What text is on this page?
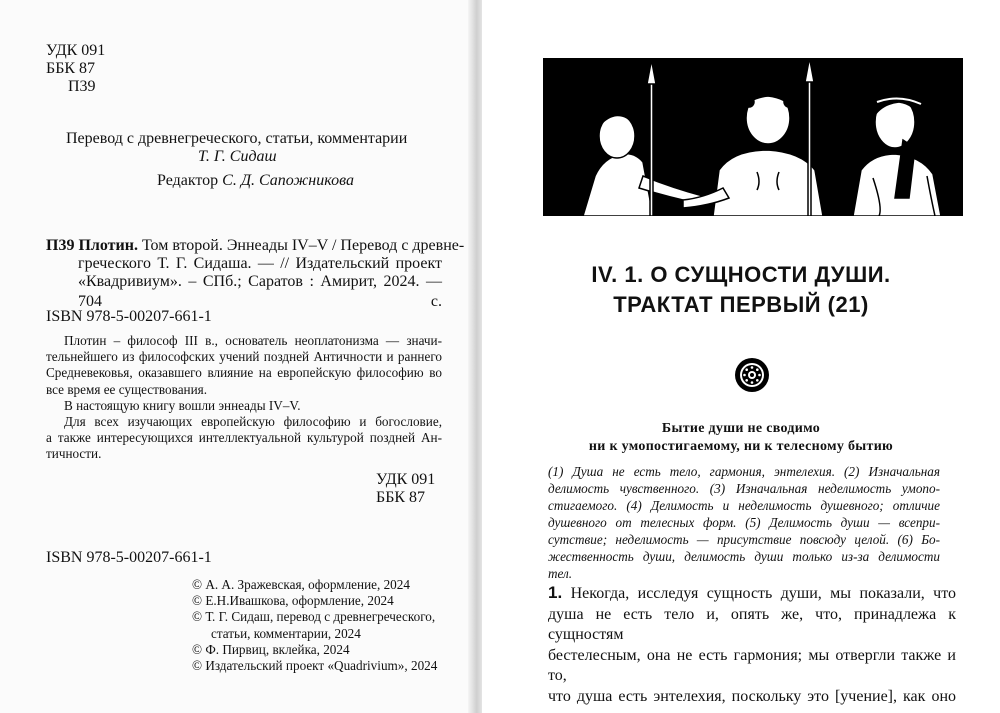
УДК 091
ББК 87
П39
Перевод с древнегреческого, статьи, комментарии
Т. Г. Сидаш
Редактор С. Д. Сапожникова
П39 Плотин. Том второй. Эннеады IV–V / Перевод с древне-
греческого Т. Г. Сидаша. — // Издательский проект
«Квадривиум». – СПб.; Саратов : Амирит, 2024. — 704 с.
ISBN 978-5-00207-661-1
Плотин – философ III в., основатель неоплатонизма — значи-
тельнейшего из философских учений поздней Античности и раннего
Средневековья, оказавшего влияние на европейскую философию во
все время ее существования.
В настоящую книгу вошли эннеады IV–V.
Для всех изучающих европейскую философию и богословие,
а также интересующихся интеллектуальной культурой поздней Ан-
тичности.
УДК 091
ББК 87
ISBN 978-5-00207-661-1
© А. А. Зражевская, оформление, 2024
© Е.Н.Ивашкова, оформление, 2024
© Т. Г. Сидаш, перевод с древнегреческого,
статьи, комментарии, 2024
© Ф. Пирвиц, вклейка, 2024
© Издательский проект «Quadrivium», 2024
IV. 1. О СУЩНОСТИ ДУШИ.
ТРАКТАТ ПЕРВЫЙ (21)
Бытие души не сводимо
ни к умопостигаемому, ни к телесному бытию
(1) Душа не есть тело, гармония, энтелехия. (2) Изначальная
делимость чувственного. (3) Изначальная неделимость умопо-
стигаемого. (4) Делимость и неделимость душевного; отличие
душевного от телесных форм. (5) Делимость души — всепри-
сутствие; неделимость — присутствие повсюду целой. (6) Бо-
жественность души, делимость души только из-за делимости
тел.
1. Некогда, исследуя сущность души, мы показали, что
душа не есть тело и, опять же, что, принадлежа к сущностям
бестелесным, она не есть гармония; мы отвергли также и то,
что душа есть энтелехия, поскольку это [учение], как оно
